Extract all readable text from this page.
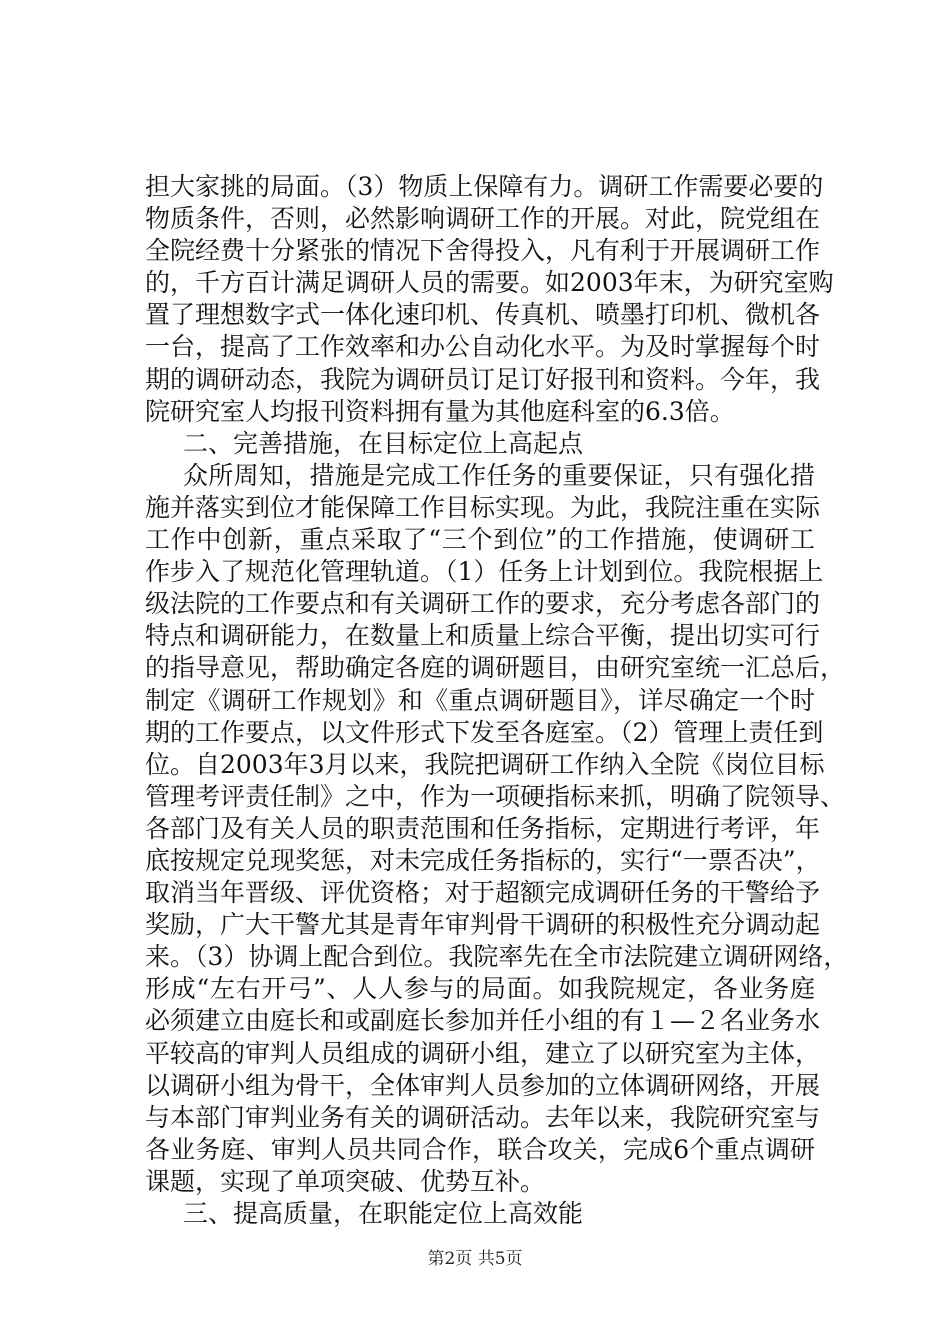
担大家挑的局面。（3）物质上保障有力。调研工作需要必要的
物质条件，否则，必然影响调研工作的开展。对此，院党组在
全院经费十分紧张的情况下舍得投入，凡有利于开展调研工作
的，千方百计满足调研人员的需要。如2003年末，为研究室购
置了理想数字式一体化速印机、传真机、喷墨打印机、微机各
一台，提高了工作效率和办公自动化水平。为及时掌握每个时
期的调研动态，我院为调研员订足订好报刊和资料。今年，我
院研究室人均报刊资料拥有量为其他庭科室的6.3倍。
二、完善措施，在目标定位上高起点
众所周知，措施是完成工作任务的重要保证，只有强化措
施并落实到位才能保障工作目标实现。为此，我院注重在实际
工作中创新，重点采取了“三个到位”的工作措施，使调研工
作步入了规范化管理轨道。（1）任务上计划到位。我院根据上
级法院的工作要点和有关调研工作的要求，充分考虑各部门的
特点和调研能力，在数量上和质量上综合平衡，提出切实可行
的指导意见，帮助确定各庭的调研题目，由研究室统一汇总后，
制定《调研工作规划》和《重点调研题目》，详尽确定一个时
期的工作要点，以文件形式下发至各庭室。（2）管理上责任到
位。自2003年3月以来，我院把调研工作纳入全院《岗位目标
管理考评责任制》之中，作为一项硬指标来抓，明确了院领导、
各部门及有关人员的职责范围和任务指标，定期进行考评，年
底按规定兑现奖惩，对未完成任务指标的，实行“一票否决”，
取消当年晋级、评优资格；对于超额完成调研任务的干警给予
奖励，广大干警尤其是青年审判骨干调研的积极性充分调动起
来。（3）协调上配合到位。我院率先在全市法院建立调研网络，
形成“左右开弓”、人人参与的局面。如我院规定，各业务庭
必须建立由庭长和或副庭长参加并任小组的有１—２名业务水
平较高的审判人员组成的调研小组，建立了以研究室为主体，
以调研小组为骨干，全体审判人员参加的立体调研网络，开展
与本部门审判业务有关的调研活动。去年以来，我院研究室与
各业务庭、审判人员共同合作，联合攻关，完成6个重点调研
课题，实现了单项突破、优势互补。
三、提高质量，在职能定位上高效能
第2页 共5页
